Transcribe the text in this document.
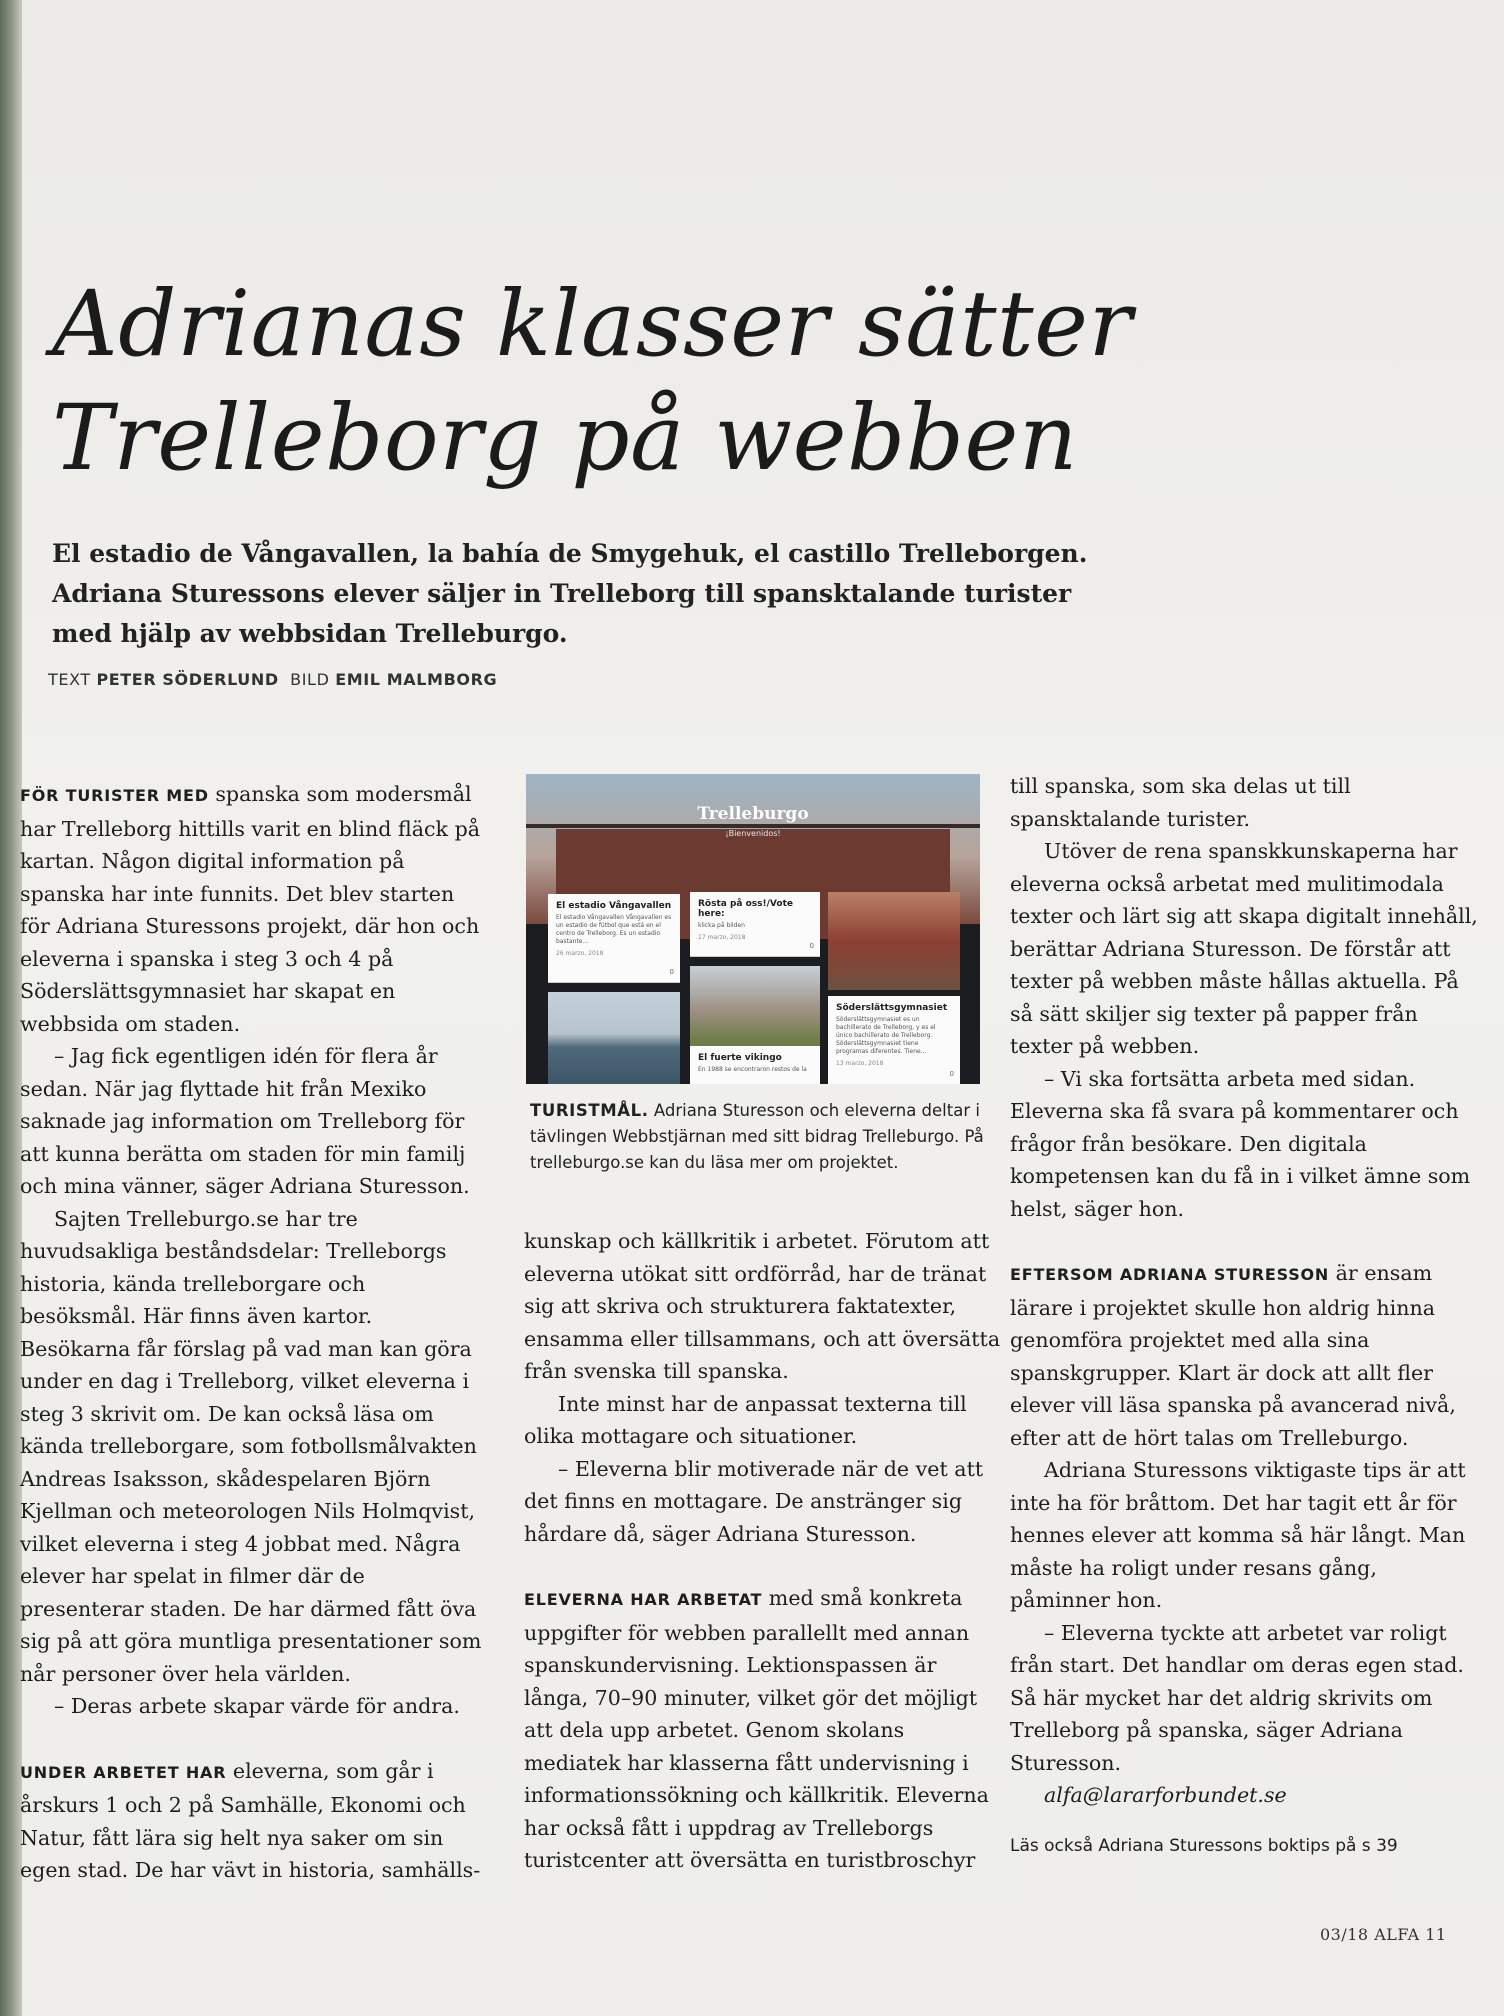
Adrianas klasser sätter
Trelleborg på webben

El estadio de Vångavallen, la bahía de Smygehuk, el castillo Trelleborgen. Adriana Sturessons elever säljer in Trelleborg till spansktalande turister med hjälp av webbsidan Trelleburgo.

TEXT PETER SÖDERLUND BILD EMIL MALMBORG

FÖR TURISTER MED spanska som modersmål har Trelleborg hittills varit en blind fläck på kartan. Någon digital information på spanska har inte funnits. Det blev starten för Adriana Sturessons projekt, där hon och eleverna i spanska i steg 3 och 4 på Söderslättsgymnasiet har skapat en webbsida om staden.

– Jag fick egentligen idén för flera år sedan. När jag flyttade hit från Mexiko saknade jag information om Trelleborg för att kunna berätta om staden för min familj och mina vänner, säger Adriana Sturesson.

Sajten Trelleburgo.se har tre huvudsakliga beståndsdelar: Trelleborgs historia, kända trelleborgare och besöksmål. Här finns även kartor. Besökarna får förslag på vad man kan göra under en dag i Trelleborg, vilket eleverna i steg 3 skrivit om. De kan också läsa om kända trelleborgare, som fotbollsmålvakten Andreas Isaksson, skådespelaren Björn Kjellman och meteorologen Nils Holmqvist, vilket eleverna i steg 4 jobbat med. Några elever har spelat in filmer där de presenterar staden. De har därmed fått öva sig på att göra muntliga presentationer som når personer över hela världen.

– Deras arbete skapar värde för andra.

UNDER ARBETET HAR eleverna, som går i årskurs 1 och 2 på Samhälle, Ekonomi och Natur, fått lära sig helt nya saker om sin egen stad. De har vävt in historia, samhälls-

Trelleburgo
¡Bienvenidos!
El estadio Vångavallen
El estadio Vångavallen Vångavallen es un estadio de fútbol que está en el centro de Trelleborg. Es un estadio bastante...
26 marzo, 2018
0
Rösta på oss!/Vote here:
klicka på bilden
17 marzo, 2018
0
Söderslättsgymnasiet
Söderslättsgymnasiet es un bachillerato de Trelleborg, y es el único bachillerato de Trelleborg. Söderslättsgymnasiet tiene programas diferentes. Tiene...
13 marzo, 2018
0
El fuerte vikingo
En 1988 se encontraron restos de la

TURISTMÅL. Adriana Sturesson och eleverna deltar i tävlingen Webbstjärnan med sitt bidrag Trelleburgo. På trelleburgo.se kan du läsa mer om projektet.

kunskap och källkritik i arbetet. Förutom att eleverna utökat sitt ordförråd, har de tränat sig att skriva och strukturera faktatexter, ensamma eller tillsammans, och att översätta från svenska till spanska.

Inte minst har de anpassat texterna till olika mottagare och situationer.

– Eleverna blir motiverade när de vet att det finns en mottagare. De anstränger sig hårdare då, säger Adriana Sturesson.

ELEVERNA HAR ARBETAT med små konkreta uppgifter för webben parallellt med annan spanskundervisning. Lektionspassen är långa, 70–90 minuter, vilket gör det möjligt att dela upp arbetet. Genom skolans mediatek har klasserna fått undervisning i informationssökning och källkritik. Eleverna har också fått i uppdrag av Trelleborgs turistcenter att översätta en turistbroschyr

till spanska, som ska delas ut till spansktalande turister.

Utöver de rena spanskkunskaperna har eleverna också arbetat med mulitimodala texter och lärt sig att skapa digitalt innehåll, berättar Adriana Sturesson. De förstår att texter på webben måste hållas aktuella. På så sätt skiljer sig texter på papper från texter på webben.

– Vi ska fortsätta arbeta med sidan. Eleverna ska få svara på kommentarer och frågor från besökare. Den digitala kompetensen kan du få in i vilket ämne som helst, säger hon.

EFTERSOM ADRIANA STURESSON är ensam lärare i projektet skulle hon aldrig hinna genomföra projektet med alla sina spanskgrupper. Klart är dock att allt fler elever vill läsa spanska på avancerad nivå, efter att de hört talas om Trelleburgo.

Adriana Sturessons viktigaste tips är att inte ha för bråttom. Det har tagit ett år för hennes elever att komma så här långt. Man måste ha roligt under resans gång, påminner hon.

– Eleverna tyckte att arbetet var roligt från start. Det handlar om deras egen stad. Så här mycket har det aldrig skrivits om Trelleborg på spanska, säger Adriana Sturesson.

alfa@lararforbundet.se

Läs också Adriana Sturessons boktips på s 39

03/18 ALFA 11
